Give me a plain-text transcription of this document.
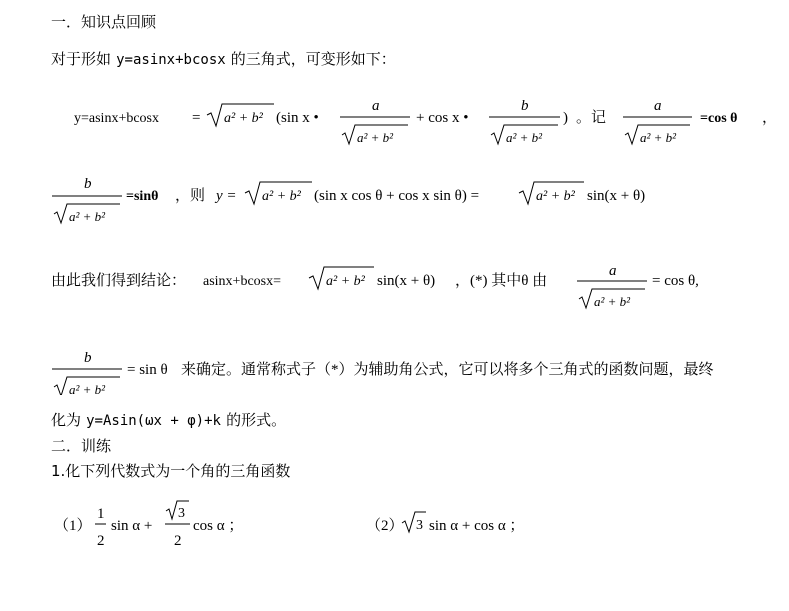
一．知识点回顾
对于形如 y=asinx+bcosx 的三角式，可变形如下：
y=asinx+bcosx = a² + b² (sin x •
a
a² + b²
+ cos x •
b
a² + b²
) 。记
a
a² + b²
=cos θ ，
b
a² + b²
=sinθ ，则 y = a² + b² (sin x cos θ + cos x sin θ) =	a² + b² sin(x + θ)
由此我们得到结论： asinx+bcosx=	a² + b² sin(x + θ) ，(*) 其中θ 由
a
a² + b²
= cos θ,
b
a² + b²
= sin θ 来确定。通常称式子（*）为辅助角公式，它可以将多个三角式的函数问题，最终
化为 y=Asin(ωx + φ)+k 的形式。
二．训练
1.化下列代数式为一个角的三角函数
（1）
1
2
sin α +
3
2
cos α ；	（2） 3 sin α + cos α ；
